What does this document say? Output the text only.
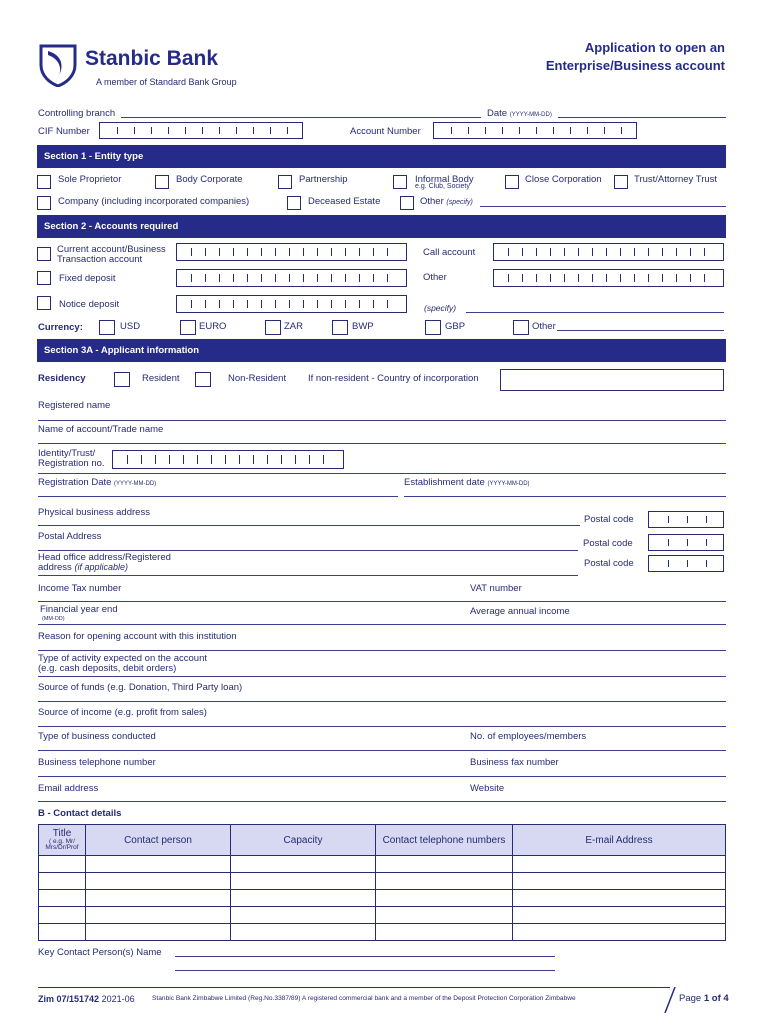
Stanbic Bank
A member of Standard Bank Group
Application to open an
Enterprise/Business account
Controlling branch	Date (YYYY-MM-DD)
CIF Number	Account Number
Section 1 - Entity type
Sole Proprietor	Body Corporate	Partnership	Informal Body
e.g. Club, Society
Close Corporation	Trust/Attorney Trust
Company (including incorporated companies)	Deceased Estate	Other (specify)
Section 2 - Accounts required
Current account/Business
Transaction account
Call account
Fixed deposit	Other
Notice deposit	(specify)
Currency:	USD	EURO	ZAR	BWP	GBP	Other
Section 3A - Applicant information
Residency	Resident	Non-Resident If non-resident - Country of incorporation
Registered name
Name of account/Trade name
Identity/Trust/
Registration no.
Registration Date (YYYY-MM-DD)	Establishment date (YYYY-MM-DD)
Physical business address
Postal code
Postal Address
Postal code
Head office address/Registered
address (if applicable)	Postal code
Income Tax number	VAT number
Financial year end
(MM-DD)
Average annual income
Reason for opening account with this institution
Type of activity expected on the account
(e.g. cash deposits, debit orders)
Source of funds (e.g. Donation, Third Party loan)
Source of income (e.g. profit from sales)
Type of business conducted	No. of employees/members
Business telephone number	Business fax number
Email address	Website
B - Contact details
Title
( e.g. Mr/ Mrs/Dr/Prof	Contact person	Capacity	Contact telephone numbers	E-mail Address

Key Contact Person(s) Name
Zim 07/151742 2021-06	Stanbic Bank Zimbabwe Limited (Reg.No.3387/89) A registered commercial bank and a member of the Deposit Protection Corporation Zimbabwe	Page 1 of 4
